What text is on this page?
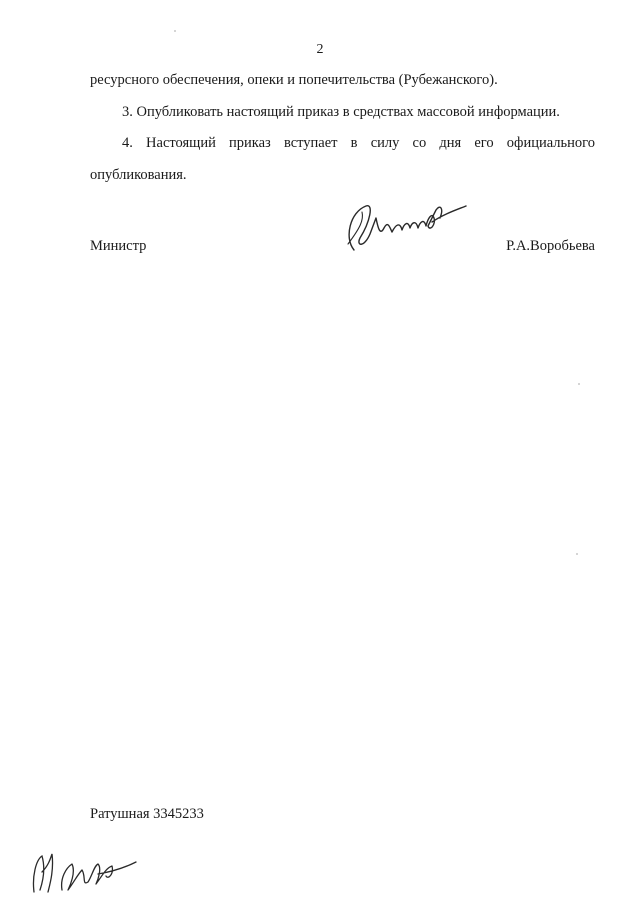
2
ресурсного обеспечения, опеки и попечительства (Рубежанского).
3. Опубликовать настоящий приказ в средствах массовой информации.
4. Настоящий приказ вступает в силу со дня его официального
опубликования.
Министр	Р.А.Воробьева
Ратушная 3345233
